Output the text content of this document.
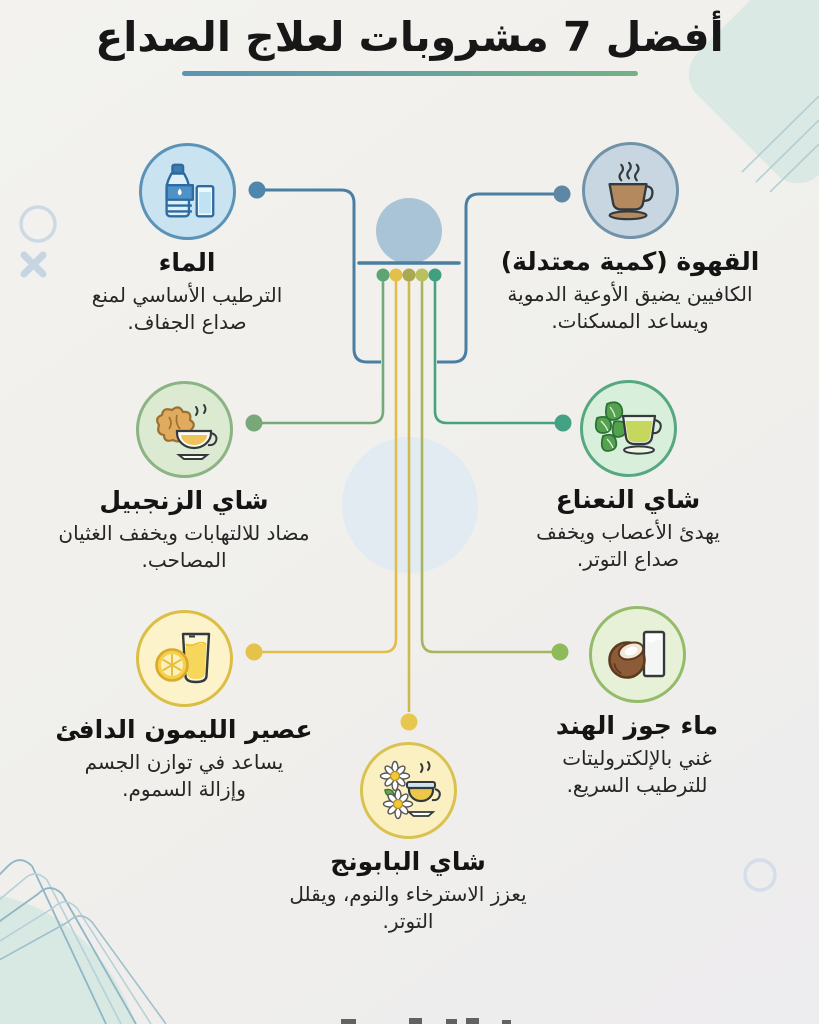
أفضل 7 مشروبات لعلاج الصداع
الماء

الترطيب الأساسي لمنع صداع الجفاف.

القهوة (كمية معتدلة)

الكافيين يضيق الأوعية الدموية ويساعد المسكنات.

شاي الزنجبيل

مضاد للالتهابات ويخفف الغثيان المصاحب.

شاي النعناع

يهدئ الأعصاب ويخفف صداع التوتر.

عصير الليمون الدافئ

يساعد في توازن الجسم وإزالة السموم.

ماء جوز الهند

غني بالإلكتروليتات للترطيب السريع.

شاي البابونج

يعزز الاسترخاء والنوم، ويقلل التوتر.
